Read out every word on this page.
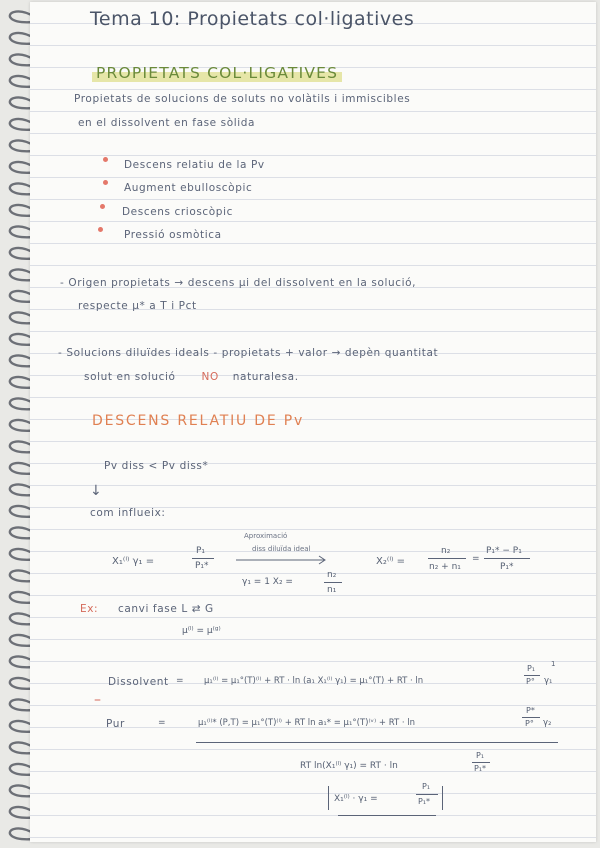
Tema 10: Propietats col·ligatives
PROPIETATS COL·LIGATIVES
Propietats de solucions de soluts no volàtils i immiscibles
en el dissolvent en fase sòlida
Descens relatiu de la Pv
Augment ebulloscòpic
Descens crioscòpic
Pressió osmòtica
- Origen propietats → descens μi del dissolvent en la solució,
respecte μ* a T i Pct
- Solucions diluïdes ideals - propietats + valor → depèn quantitat
solut en solució NO naturalesa.
DESCENS RELATIU DE Pv
Pv diss < Pv diss*
↓
com influeix:
X₁⁽ˡ⁾ γ₁ =
P₁
P₁*
Aproximació
diss diluïda ideal
γ₁ = 1 X₂ =
n₂
n₁
X₂⁽ˡ⁾ =
n₂
n₂ + n₁
=
P₁* − P₁
P₁*
Ex: canvi fase L ⇄ G
μ⁽ˡ⁾ = μ⁽ᵍ⁾
Dissolvent = μ₁⁽ˡ⁾ = μ₁°(T)⁽ˡ⁾ + RT · ln (a₁ X₁⁽ˡ⁾ γ₁) = μ₁°(T) + RT · ln
1
P₁
P° γ₁
–
Pur	=	μ₁⁽ˡ⁾* (P,T) = μ₁°(T)⁽ˡ⁾ + RT ln a₁* = μ₁°(T)⁽ᵛ⁾ + RT · ln
P*
P° γ₂
RT ln(X₁⁽ˡ⁾ γ₁) = RT · ln
P₁
P₁*
X₁⁽ˡ⁾ · γ₁ =
P₁
P₁*
